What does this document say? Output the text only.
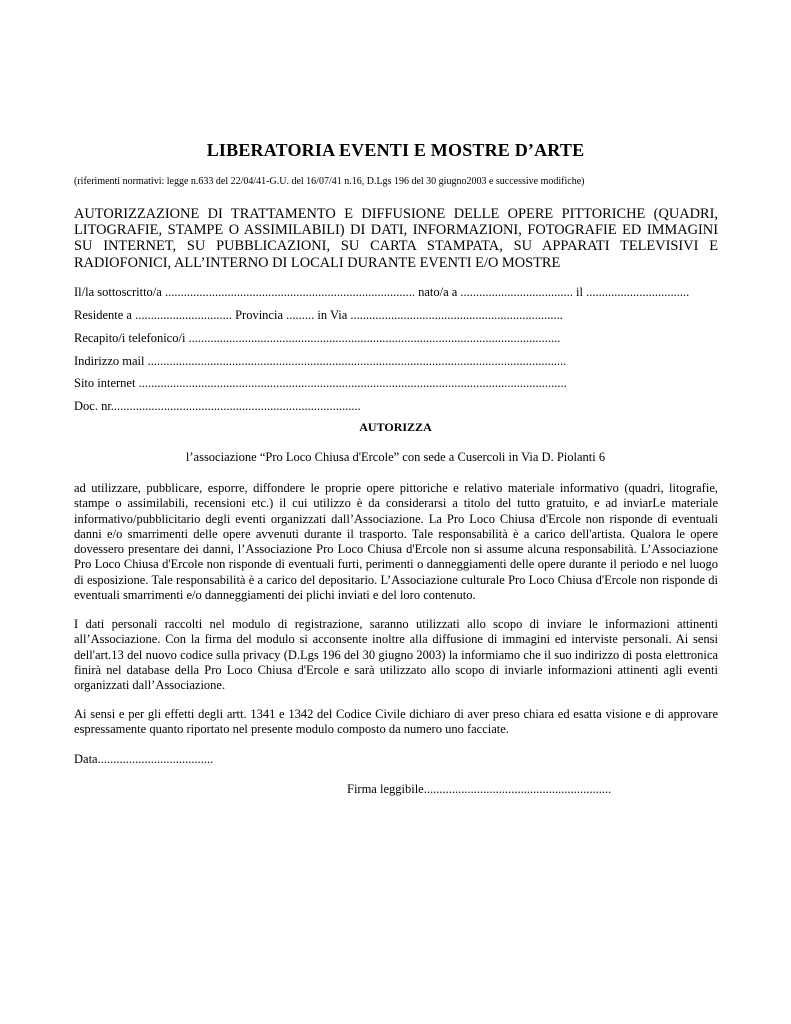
LIBERATORIA EVENTI E MOSTRE D’ARTE
(riferimenti normativi: legge n.633 del 22/04/41-G.U. del 16/07/41 n.16, D.Lgs 196 del 30 giugno2003 e successive modifiche)
AUTORIZZAZIONE DI TRATTAMENTO E DIFFUSIONE DELLE OPERE PITTORICHE (QUADRI, LITOGRAFIE, STAMPE O ASSIMILABILI) DI DATI, INFORMAZIONI, FOTOGRAFIE ED IMMAGINI SU INTERNET, SU PUBBLICAZIONI, SU CARTA STAMPATA, SU APPARATI TELEVISIVI E RADIOFONICI, ALL’INTERNO DI LOCALI DURANTE EVENTI E/O MOSTRE
Il/la sottoscritto/a ................................................................................ nato/a a .................................... il .................................
Residente a ............................... Provincia ......... in Via ....................................................................
Recapito/i telefonico/i .......................................................................................................................
Indirizzo mail ......................................................................................................................................
Sito internet .........................................................................................................................................
Doc. nr................................................................................
AUTORIZZA
l’associazione “Pro Loco Chiusa d'Ercole” con sede a Cusercoli in Via D. Piolanti 6
ad utilizzare, pubblicare, esporre, diffondere le proprie opere pittoriche e relativo materiale informativo (quadri, litografie, stampe o assimilabili, recensioni etc.) il cui utilizzo è da considerarsi a titolo del tutto gratuito, e ad inviarLe materiale informativo/pubblicitario degli eventi organizzati dall’Associazione. La Pro Loco Chiusa d'Ercole non risponde di eventuali danni e/o smarrimenti delle opere avvenuti durante il trasporto. Tale responsabilità è a carico dell'artista. Qualora le opere dovessero presentare dei danni, l’Associazione Pro Loco Chiusa d'Ercole non si assume alcuna responsabilità. L’Associazione Pro Loco Chiusa d'Ercole non risponde di eventuali furti, perimenti o danneggiamenti delle opere durante il periodo e nel luogo di esposizione. Tale responsabilità è a carico del depositario. L’Associazione culturale Pro Loco Chiusa d'Ercole non risponde di eventuali smarrimenti e/o danneggiamenti dei plichi inviati e del loro contenuto.
I dati personali raccolti nel modulo di registrazione, saranno utilizzati allo scopo di inviare le informazioni attinenti all’Associazione. Con la firma del modulo si acconsente inoltre alla diffusione di immagini ed interviste personali. Ai sensi dell'art.13 del nuovo codice sulla privacy (D.Lgs 196 del 30 giugno 2003) la informiamo che il suo indirizzo di posta elettronica finirà nel database della Pro Loco Chiusa d'Ercole e sarà utilizzato allo scopo di inviarle informazioni attinenti agli eventi organizzati dall’Associazione.
Ai sensi e per gli effetti degli artt. 1341 e 1342 del Codice Civile dichiaro di aver preso chiara ed esatta visione e di approvare espressamente quanto riportato nel presente modulo composto da numero uno facciate.
Data.....................................
Firma leggibile............................................................
